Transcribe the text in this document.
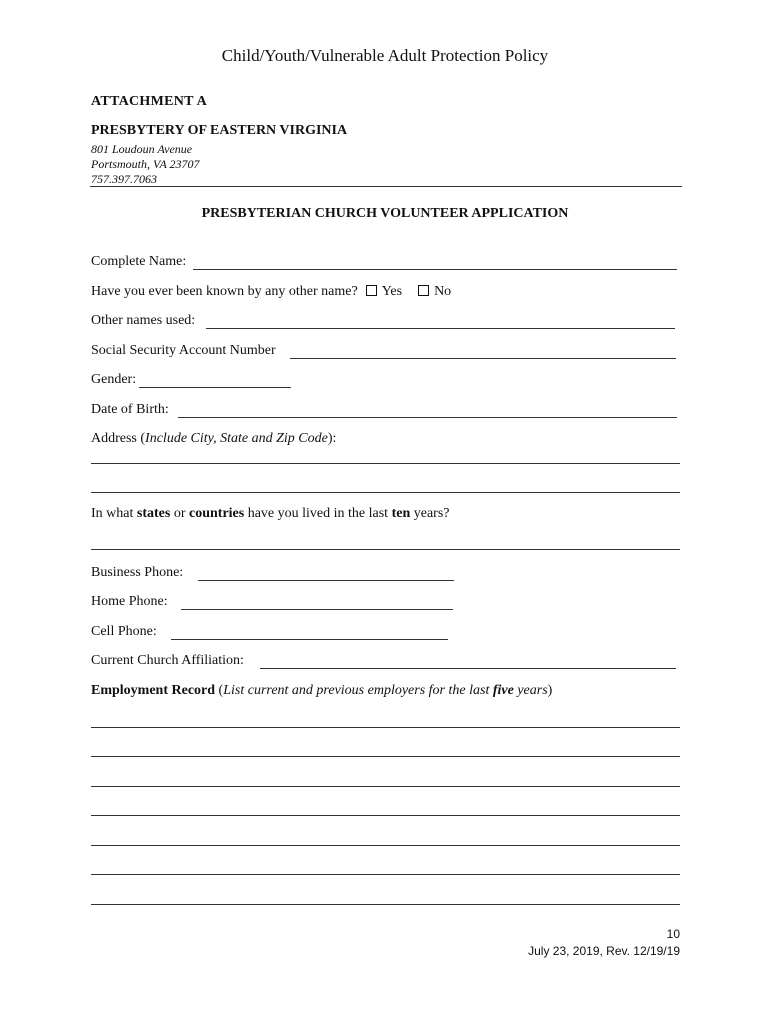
Child/Youth/Vulnerable Adult Protection Policy
ATTACHMENT A
PRESBYTERY OF EASTERN VIRGINIA
801 Loudoun Avenue
Portsmouth, VA 23707
757.397.7063
PRESBYTERIAN CHURCH VOLUNTEER APPLICATION
Complete Name:
Have you ever been known by any other name? Yes No
Other names used:
Social Security Account Number
Gender:
Date of Birth:
Address (Include City, State and Zip Code):
In what states or countries have you lived in the last ten years?
Business Phone:
Home Phone:
Cell Phone:
Current Church Affiliation:
Employment Record (List current and previous employers for the last five years)
10
July 23, 2019, Rev. 12/19/19
